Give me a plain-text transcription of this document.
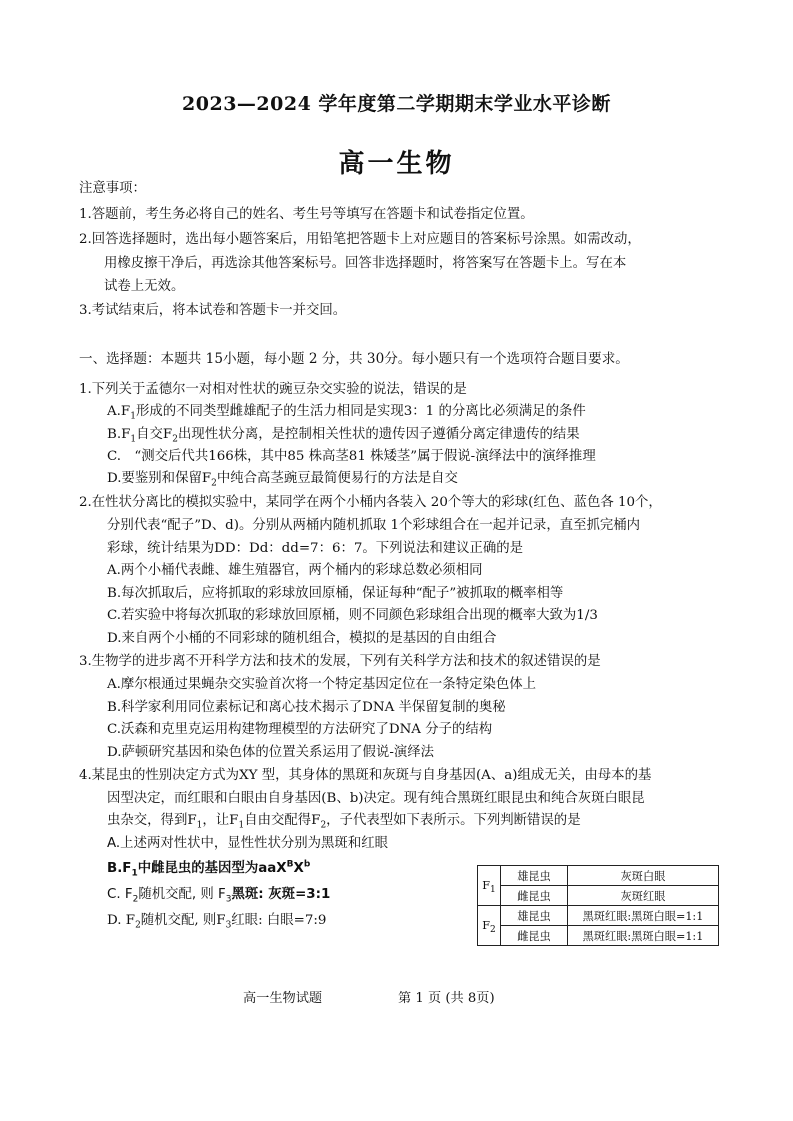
2023—2024 学年度第二学期期末学业水平诊断
高一生物
注意事项：
1.答题前，考生务必将自己的姓名、考生号等填写在答题卡和试卷指定位置。
2.回答选择题时，选出每小题答案后，用铅笔把答题卡上对应题目的答案标号涂黑。如需改动，
用橡皮擦干净后，再选涂其他答案标号。回答非选择题时，将答案写在答题卡上。写在本
试卷上无效。
3.考试结束后，将本试卷和答题卡一并交回。
一、选择题：本题共 15小题，每小题 2 分，共 30分。每小题只有一个选项符合题目要求。
1.下列关于孟德尔一对相对性状的豌豆杂交实验的说法，错误的是
$A.F_1$形成的不同类型雌雄配子的生活力相同是实现3：1 的分离比必须满足的条件
$B.F_1$自交$F_2$出现性状分离，是控制相关性状的遗传因子遵循分离定律遗传的结果
C.　“测交后代共166株，其中85 株高茎81 株矮茎”属于假说-演绎法中的演绎推理
D.要鉴别和保留$F_2$中纯合高茎豌豆最简便易行的方法是自交
2.在性状分离比的模拟实验中，某同学在两个小桶内各装入 20个等大的彩球(红色、蓝色各 10个，
分别代表“配子”D、d)。分别从两桶内随机抓取 1个彩球组合在一起并记录，直至抓完桶内
彩球，统计结果为DD：Dd：dd=7：6：7。下列说法和建议正确的是
A.两个小桶代表雌、雄生殖器官，两个桶内的彩球总数必须相同
B.每次抓取后，应将抓取的彩球放回原桶，保证每种“配子”被抓取的概率相等
C.若实验中将每次抓取的彩球放回原桶，则不同颜色彩球组合出现的概率大致为1/3
D.来自两个小桶的不同彩球的随机组合，模拟的是基因的自由组合
3.生物学的进步离不开科学方法和技术的发展，下列有关科学方法和技术的叙述错误的是
A.摩尔根通过果蝇杂交实验首次将一个特定基因定位在一条特定染色体上
B.科学家利用同位素标记和离心技术揭示了DNA 半保留复制的奥秘
C.沃森和克里克运用构建物理模型的方法研究了DNA 分子的结构
D.萨顿研究基因和染色体的位置关系运用了假说-演绎法
4.某昆虫的性别决定方式为XY 型，其身体的黑斑和灰斑与自身基因(A、a)组成无关，由母本的基
因型决定，而红眼和白眼由自身基因(B、b)决定。现有纯合黑斑红眼昆虫和纯合灰斑白眼昆
虫杂交，得到$F_1$，让$F_1$自由交配得$F_2$，子代表型如下表所示。下列判断错误的是
A.上述两对性状中，显性性状分别为黑斑和红眼
$B.F_1$中雌昆虫的基因型为$aaX^BX^b$
C. $F_2$随机交配, 则 $F_3$黑斑: 灰斑=3:1
D. $F_2$随机交配, 则$F_3$红眼: 白眼=7:9
$F_1$	雄昆虫	灰斑白眼
	雌昆虫	灰斑红眼
$F_2$	雄昆虫	黑斑红眼:黑斑白眼=1:1
	雌昆虫	黑斑红眼:黑斑白眼=1:1
高一生物试题	第 1 页 (共 8页)
